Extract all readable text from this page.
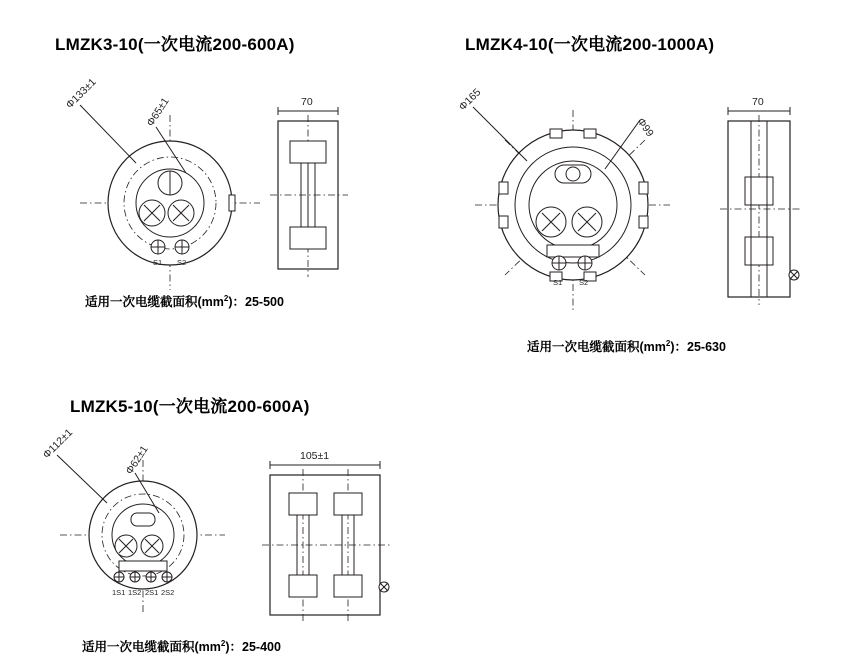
LMZK3-10(一次电流200-600A)
S1 S2
Φ133±1
Φ65±1	70
适用一次电缆截面积$(mm^2)$：25-500
LMZK4-10(一次电流200-1000A)
S1 S2
Φ165
Φ99
70
适用一次电缆截面积$(mm^2)$：25-630
LMZK5-10(一次电流200-600A)
1S1 1S2 2S1 2S2
Φ112±1	Φ62±1	105±1
适用一次电缆截面积$(mm^2)$：25-400
